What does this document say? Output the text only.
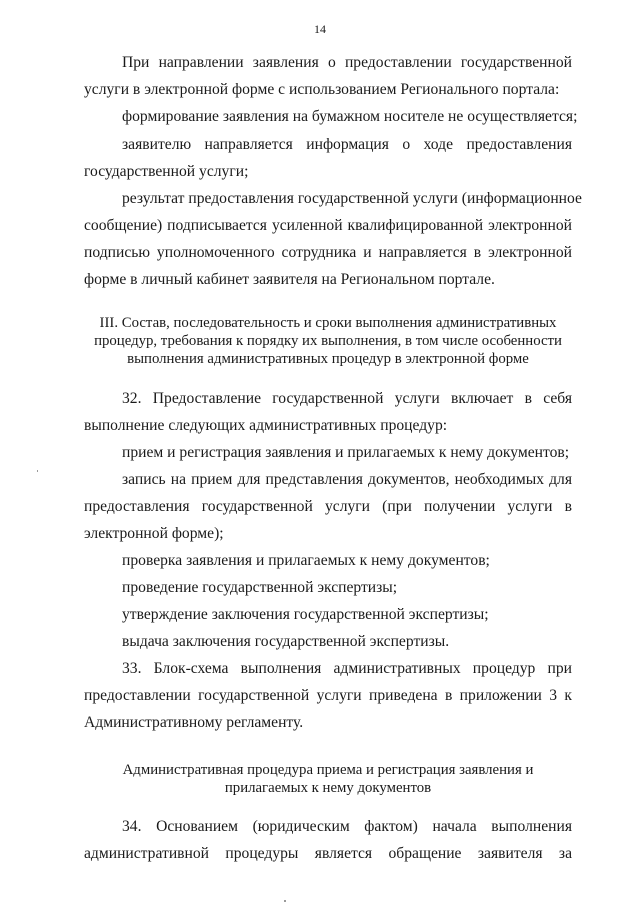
14
При направлении заявления о предоставлении государственной
услуги в электронной форме с использованием Регионального портала:
формирование заявления на бумажном носителе не осуществляется;
заявителю направляется информация о ходе предоставления
государственной услуги;
результат предоставления государственной услуги (информационное
сообщение) подписывается усиленной квалифицированной электронной
подписью уполномоченного сотрудника и направляется в электронной
форме в личный кабинет заявителя на Региональном портале.
III. Состав, последовательность и сроки выполнения административных
процедур, требования к порядку их выполнения, в том числе особенности
выполнения административных процедур в электронной форме
32. Предоставление государственной услуги включает в себя
выполнение следующих административных процедур:
прием и регистрация заявления и прилагаемых к нему документов;
запись на прием для представления документов, необходимых для
предоставления государственной услуги (при получении услуги в
электронной форме);
проверка заявления и прилагаемых к нему документов;
проведение государственной экспертизы;
утверждение заключения государственной экспертизы;
выдача заключения государственной экспертизы.
33. Блок-схема выполнения административных процедур при
предоставлении государственной услуги приведена в приложении 3 к
Административному регламенту.
Административная процедура приема и регистрация заявления и
прилагаемых к нему документов
34. Основанием (юридическим фактом) начала выполнения
административной процедуры является обращение заявителя за
